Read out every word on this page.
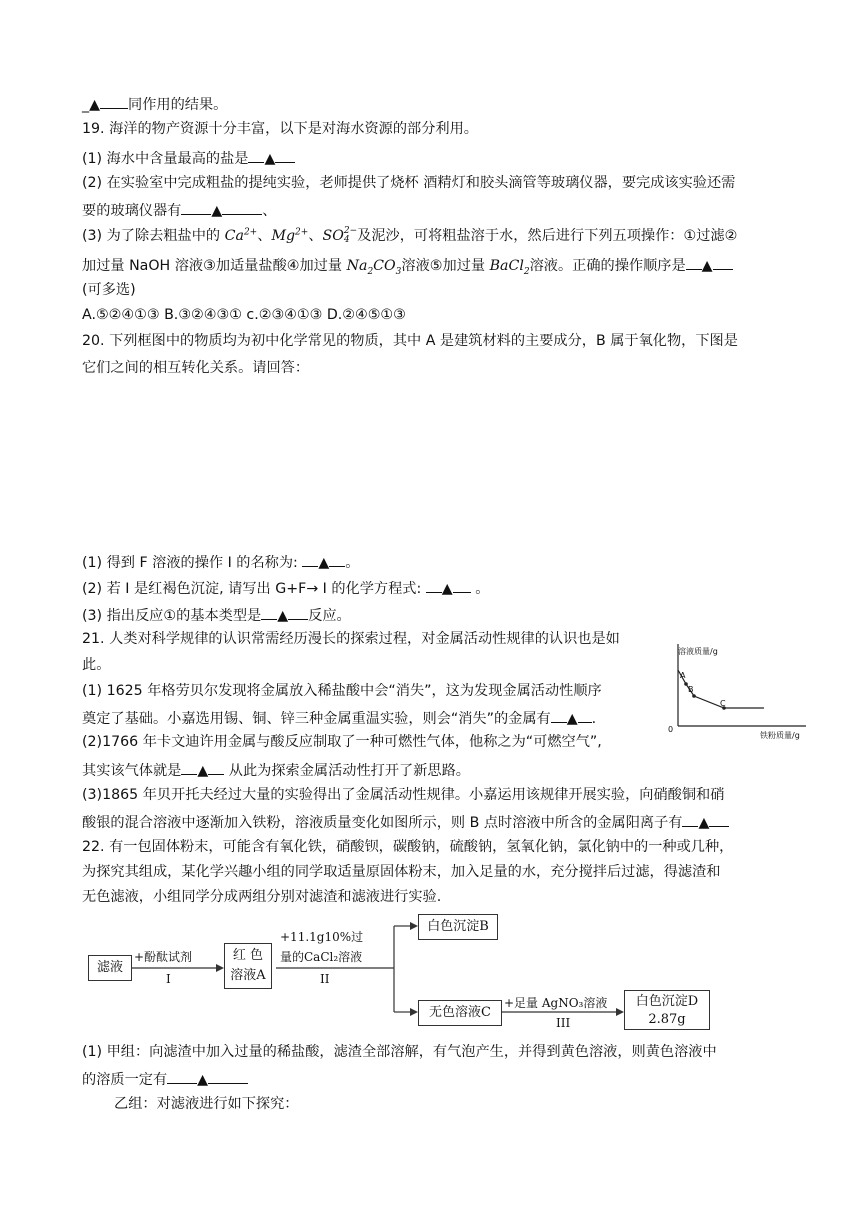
_▲ 同作用的结果。
19. 海洋的物产资源十分丰富，以下是对海水资源的部分利用。
(1) 海水中含量最高的盐是 ▲
(2) 在实验室中完成粗盐的提纯实验，老师提供了烧杯 酒精灯和胶头滴管等玻璃仪器，要完成该实验还需
要的玻璃仪器有 ▲	、
(3) 为了除去粗盐中的 $Ca^{2+}$、$Mg^{2+}$、SO 2−
4 及泥沙，可将粗盐溶于水，然后进行下列五项操作：①过滤②
加过量 NaOH 溶液③加适量盐酸④加过量 $Na_2CO_3$溶液⑤加过量 BaCl$_2$溶液。正确的操作顺序是 ▲
(可多选)
A.⑤②④①③ B.③②④③① c.②③④①③ D.②④⑤①③
20. 下列框图中的物质均为初中化学常见的物质，其中 A 是建筑材料的主要成分，B 属于氧化物，下图是
它们之间的相互转化关系。请回答：
(1) 得到 F 溶液的操作 I 的名称为: ▲ 。
(2) 若 I 是红褐色沉淀, 请写出 G+F→ I 的化学方程式: ▲ 。
(3) 指出反应①的基本类型是 ▲ 反应。
21. 人类对科学规律的认识常需经历漫长的探索过程，对金属活动性规律的认识也是如
此。
(1) 1625 年格劳贝尔发现将金属放入稀盐酸中会“消失”，这为发现金属活动性顺序
奠定了基础。小嘉选用锡、铜、锌三种金属重温实验，则会“消失”的金属有 ▲ .
(2)1766 年卡文迪许用金属与酸反应制取了一种可燃性气体，他称之为“可燃空气”,
其实该气体就是 ▲ 从此为探索金属活动性打开了新思路。
(3)1865 年贝开托夫经过大量的实验得出了金属活动性规律。小嘉运用该规律开展实验，向硝酸铜和硝
酸银的混合溶液中逐渐加入铁粉，溶液质量变化如图所示，则 B 点时溶液中所含的金属阳离子有 ▲
溶液质量/g
A
B
C
0
铁粉质量/g
22. 有一包固体粉末，可能含有氧化铁，硝酸钡，碳酸钠，硫酸钠，氢氧化钠，氯化钠中的一种或几种，
为探究其组成，某化学兴趣小组的同学取适量原固体粉末，加入足量的水，充分搅拌后过滤，得滤渣和
无色滤液，小组同学分成两组分别对滤渣和滤液进行实验.
滤液
+酚酞试剂
I
红 色
溶液A
+11.1g10%过
量的CaCl₂溶液
II
白色沉淀B
无色溶液C
+足量 AgNO₃溶液
III
白色沉淀D
2.87g
(1) 甲组：向滤渣中加入过量的稀盐酸，滤渣全部溶解，有气泡产生，并得到黄色溶液，则黄色溶液中
的溶质一定有 ▲
乙组：对滤液进行如下探究：
